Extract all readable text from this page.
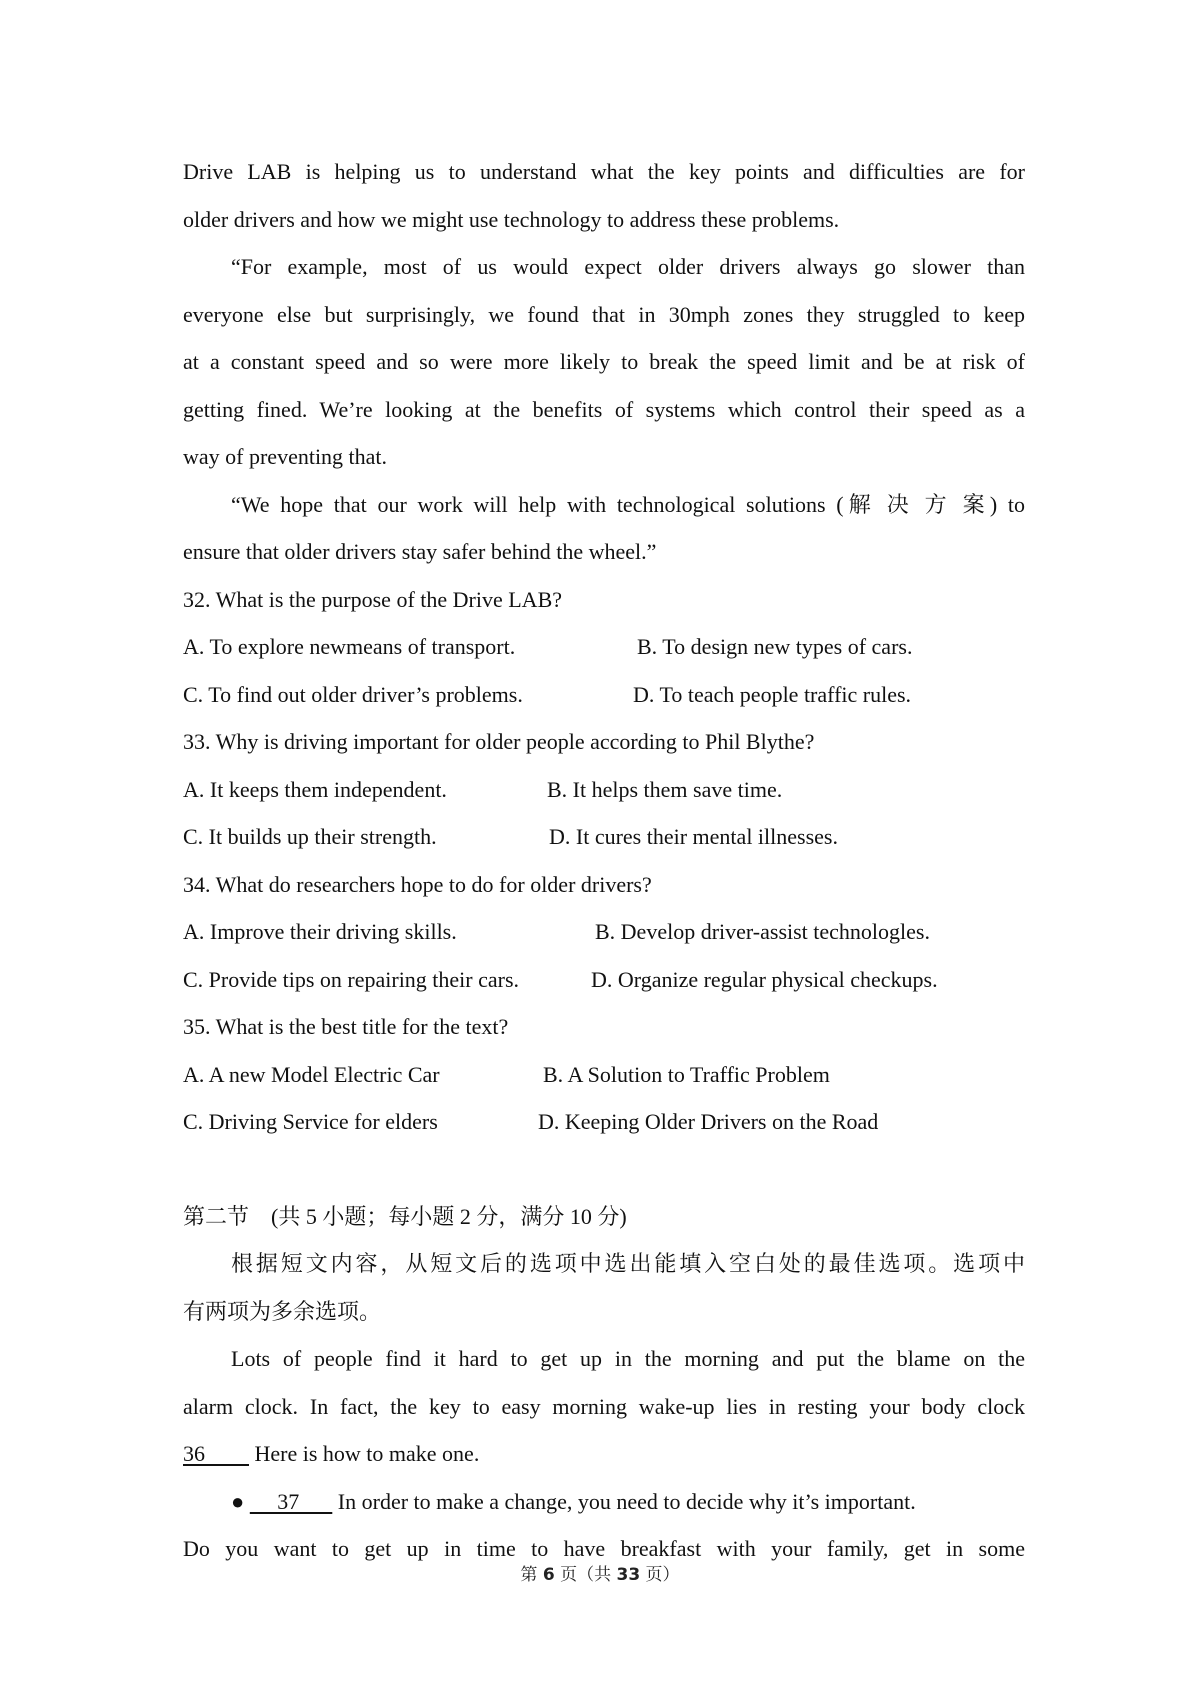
Drive LAB is helping us to understand what the key points and difficulties are for
older drivers and how we might use technology to address these problems.
“For example, most of us would expect older drivers always go slower than
everyone else but surprisingly, we found that in 30mph zones they struggled to keep
at a constant speed and so were more likely to break the speed limit and be at risk of
getting fined. We’re looking at the benefits of systems which control their speed as a
way of preventing that.
“We hope that our work will help with technological solutions (解 决 方 案) to
ensure that older drivers stay safer behind the wheel.”
32. What is the purpose of the Drive LAB?
A. To explore newmeans of transport.	B. To design new types of cars.
C. To find out older driver’s problems.	D. To teach people traffic rules.
33. Why is driving important for older people according to Phil Blythe?
A. It keeps them independent.	B. It helps them save time.
C. It builds up their strength.	D. It cures their mental illnesses.
34. What do researchers hope to do for older drivers?
A. Improve their driving skills.	B. Develop driver-assist technologles.
C. Provide tips on repairing their cars.	D. Organize regular physical checkups.
35. What is the best title for the text?
A. A new Model Electric Car	B. A Solution to Traffic Problem
C. Driving Service for elders	D. Keeping Older Drivers on the Road
第二节　(共 5 小题；每小题 2 分，满分 10 分)
根据短文内容，从短文后的选项中选出能填入空白处的最佳选项。选项中
有两项为多余选项。
Lots of people find it hard to get up in the morning and put the blame on the
alarm clock. In fact, the key to easy morning wake-up lies in resting your body clock
36     Here is how to make one.
●    37    In order to make a change, you need to decide why it’s important.
Do you want to get up in time to have breakfast with your family, get in some
第 6 页（共 33 页）
